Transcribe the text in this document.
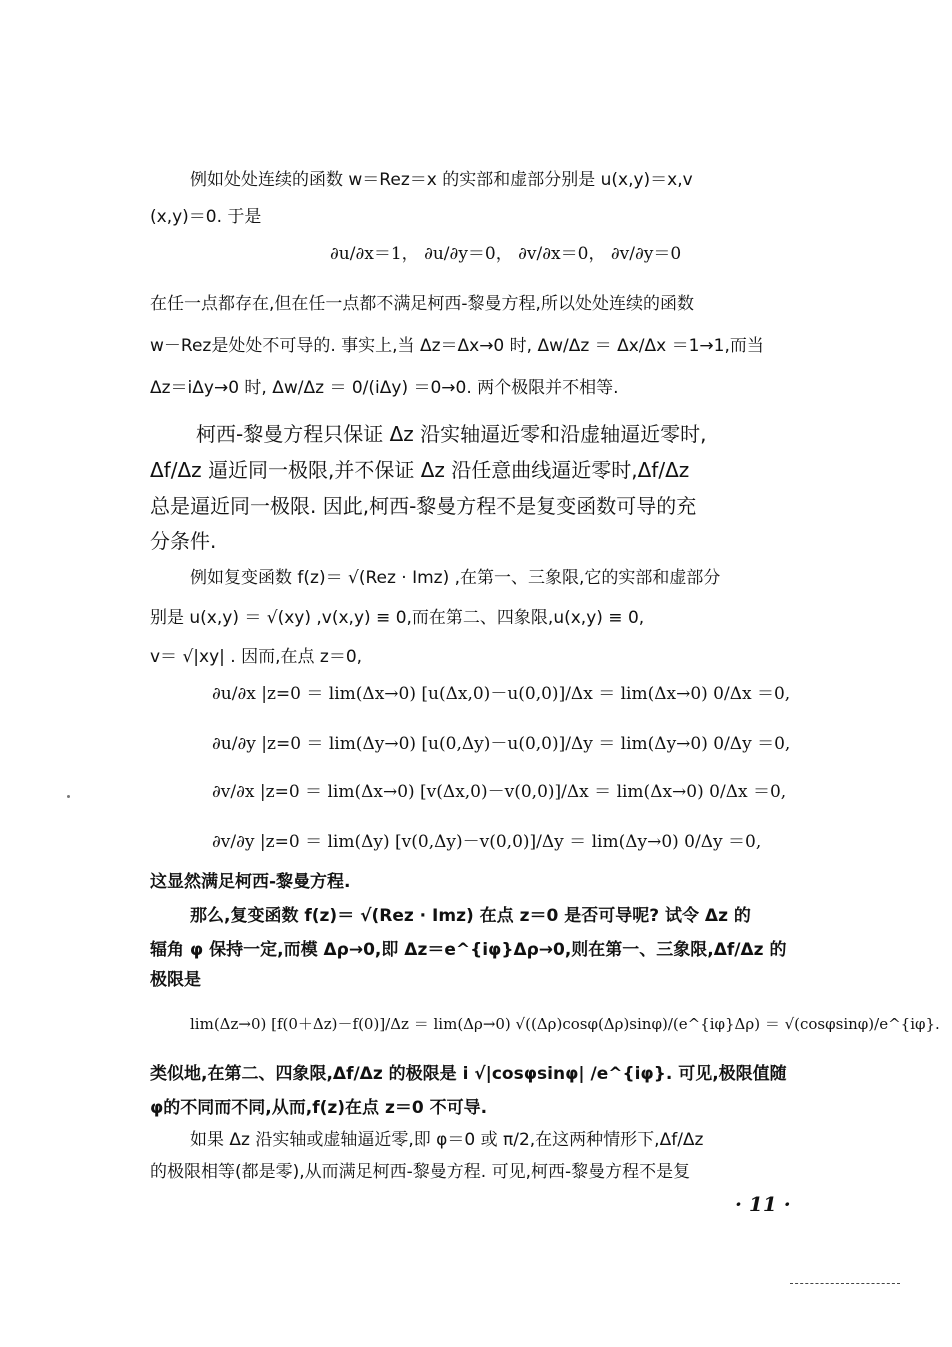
例如处处连续的函数 w＝Rez＝x 的实部和虚部分别是 u(x,y)＝x,v
(x,y)＝0. 于是
∂u/∂x＝1， ∂u/∂y＝0， ∂v/∂x＝0， ∂v/∂y＝0
在任一点都存在,但在任一点都不满足柯西-黎曼方程,所以处处连续的函数
w－Rez是处处不可导的. 事实上,当 Δz＝Δx→0 时, Δw/Δz ＝ Δx/Δx ＝1→1,而当
Δz＝iΔy→0 时, Δw/Δz ＝ 0/(iΔy) ＝0→0. 两个极限并不相等.
柯西-黎曼方程只保证 Δz 沿实轴逼近零和沿虚轴逼近零时,
Δf/Δz 逼近同一极限,并不保证 Δz 沿任意曲线逼近零时,Δf/Δz
总是逼近同一极限. 因此,柯西-黎曼方程不是复变函数可导的充
分条件.
例如复变函数 f(z)＝ √(Rez · Imz) ,在第一、三象限,它的实部和虚部分
别是 u(x,y) ＝ √(xy) ,v(x,y) ≡ 0,而在第二、四象限,u(x,y) ≡ 0,
v＝ √|xy| . 因而,在点 z＝0,
∂u/∂x |z=0 ＝ lim(Δx→0) [u(Δx,0)－u(0,0)]/Δx ＝ lim(Δx→0) 0/Δx ＝0,
∂u/∂y |z=0 ＝ lim(Δy→0) [u(0,Δy)－u(0,0)]/Δy ＝ lim(Δy→0) 0/Δy ＝0,
∂v/∂x |z=0 ＝ lim(Δx→0) [v(Δx,0)－v(0,0)]/Δx ＝ lim(Δx→0) 0/Δx ＝0,
∂v/∂y |z=0 ＝ lim(Δy) [v(0,Δy)－v(0,0)]/Δy ＝ lim(Δy→0) 0/Δy ＝0,
这显然满足柯西-黎曼方程.
那么,复变函数 f(z)＝ √(Rez · Imz) 在点 z＝0 是否可导呢? 试令 Δz 的
辐角 φ 保持一定,而模 Δρ→0,即 Δz＝e^{iφ}Δρ→0,则在第一、三象限,Δf/Δz 的
极限是
lim(Δz→0) [f(0＋Δz)－f(0)]/Δz ＝ lim(Δρ→0) √((Δρ)cosφ(Δρ)sinφ)/(e^{iφ}Δρ) ＝ √(cosφsinφ)/e^{iφ}.
类似地,在第二、四象限,Δf/Δz 的极限是 i √|cosφsinφ| /e^{iφ}. 可见,极限值随
φ的不同而不同,从而,f(z)在点 z＝0 不可导.
如果 Δz 沿实轴或虚轴逼近零,即 φ＝0 或 π/2,在这两种情形下,Δf/Δz
的极限相等(都是零),从而满足柯西-黎曼方程. 可见,柯西-黎曼方程不是复
· 11 ·
